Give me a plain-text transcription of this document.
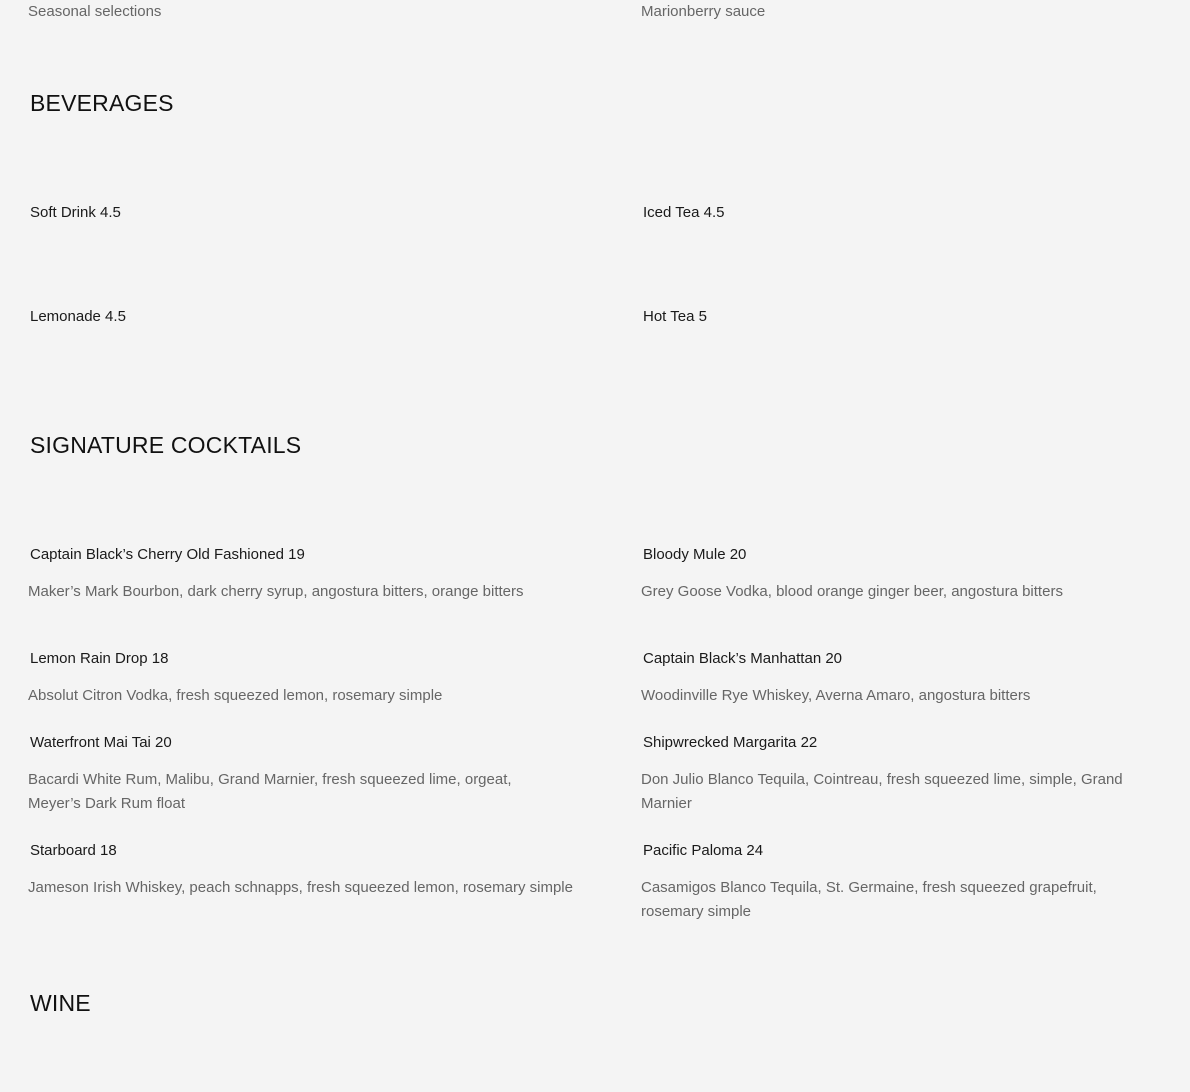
Seasonal selections	Marionberry sauce
BEVERAGES
Soft Drink 4.5	Iced Tea 4.5
Lemonade 4.5	Hot Tea 5
SIGNATURE COCKTAILS
Captain Black’s Cherry Old Fashioned 19
Maker’s Mark Bourbon, dark cherry syrup, angostura bitters, orange bitters
Bloody Mule 20
Grey Goose Vodka, blood orange ginger beer, angostura bitters
Lemon Rain Drop 18
Absolut Citron Vodka, fresh squeezed lemon, rosemary simple
Captain Black’s Manhattan 20
Woodinville Rye Whiskey, Averna Amaro, angostura bitters
Waterfront Mai Tai 20
Bacardi White Rum, Malibu, Grand Marnier, fresh squeezed lime, orgeat, Meyer’s Dark Rum float
Shipwrecked Margarita 22
Don Julio Blanco Tequila, Cointreau, fresh squeezed lime, simple, Grand Marnier
Starboard 18
Jameson Irish Whiskey, peach schnapps, fresh squeezed lemon, rosemary simple
Pacific Paloma 24
Casamigos Blanco Tequila, St. Germaine, fresh squeezed grapefruit, rosemary simple
WINE
